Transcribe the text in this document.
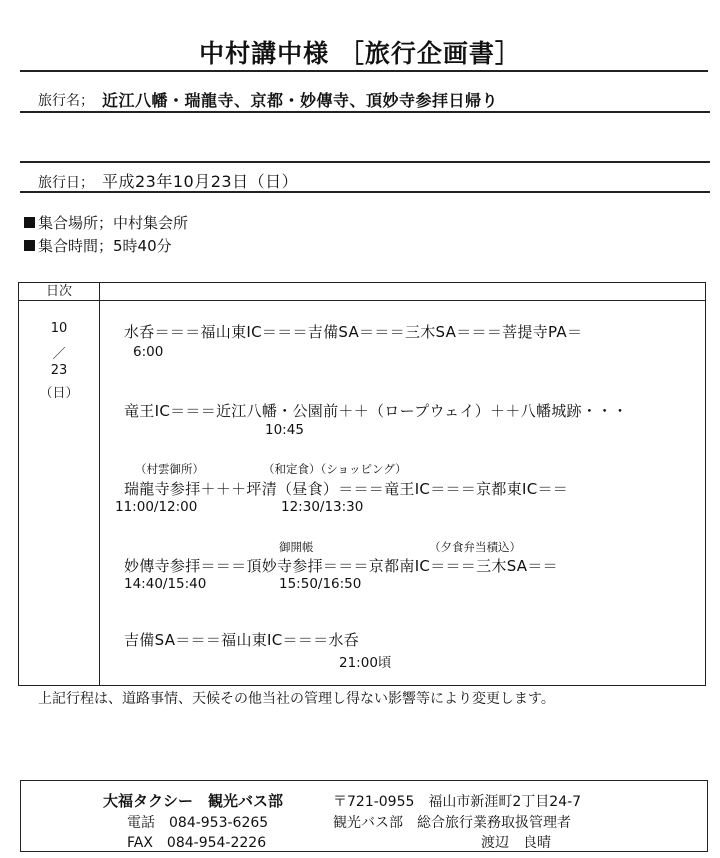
中村講中様 ［旅行企画書］
旅行名； 近江八幡・瑞龍寺、京都・妙傳寺、頂妙寺参拝日帰り
旅行日； 平成23年10月23日（日）
集合場所；中村集会所
集合時間；5時40分
日次
10
／
23
（日）
水呑＝＝＝福山東IC＝＝＝吉備SA＝＝＝三木SA＝＝＝菩提寺PA＝
6:00
竜王IC＝＝＝近江八幡・公園前＋＋（ロープウェイ）＋＋八幡城跡・・・
10:45
（村雲御所）	（和定食）（ショッピング）
瑞龍寺参拝＋＋＋坪清（昼食）＝＝＝竜王IC＝＝＝京都東IC＝＝
11:00/12:00	12:30/13:30
御開帳	（夕食弁当積込）
妙傳寺参拝＝＝＝頂妙寺参拝＝＝＝京都南IC＝＝＝三木SA＝＝
14:40/15:40	15:50/16:50
吉備SA＝＝＝福山東IC＝＝＝水呑
21:00頃
上記行程は、道路事情、天候その他当社の管理し得ない影響等により変更します。
大福タクシー　観光バス部	〒721-0955　福山市新涯町2丁目24-7
電話　084-953-6265	観光バス部　総合旅行業務取扱管理者
FAX　084-954-2226	渡辺　良晴
